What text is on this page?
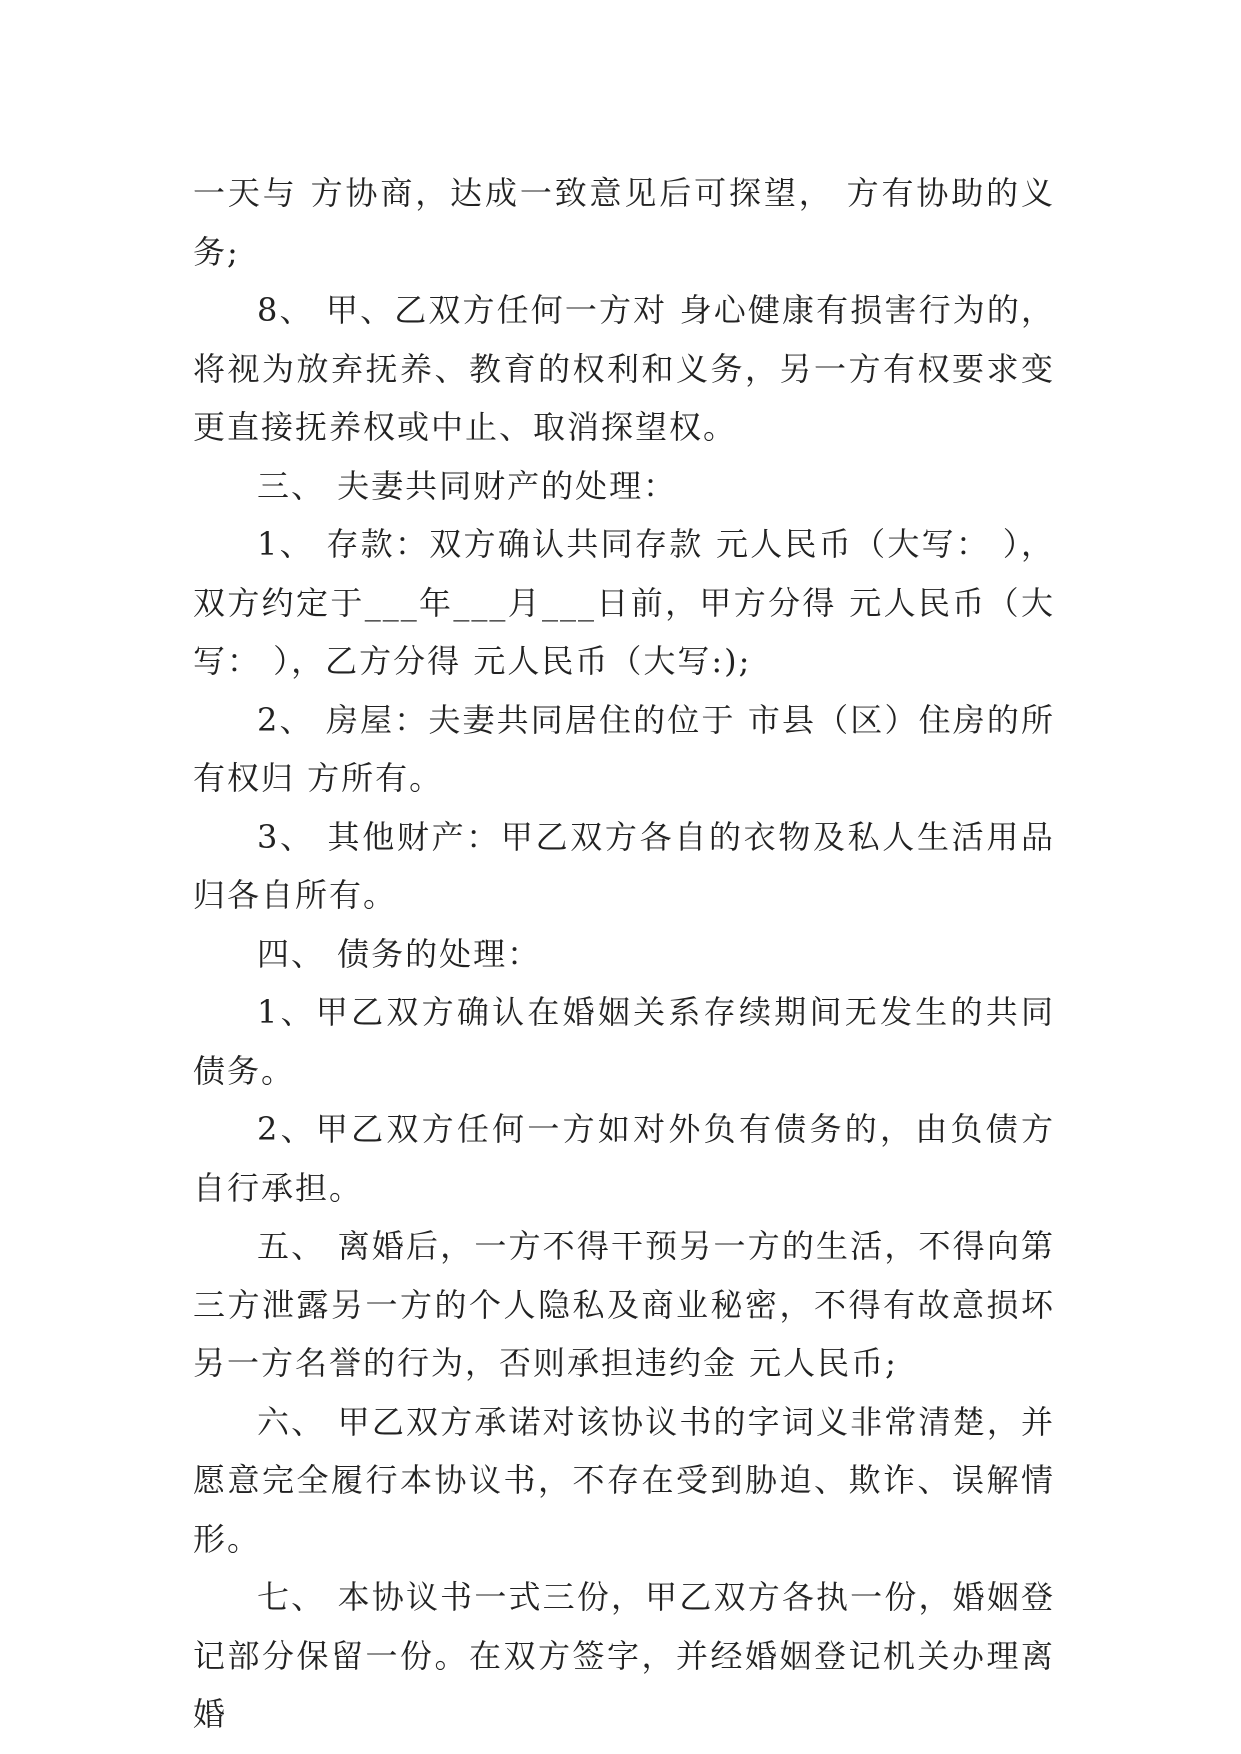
一天与 方协商，达成一致意见后可探望， 方有协助的义务;

8、 甲、乙双方任何一方对 身心健康有损害行为的，将视为放弃抚养、教育的权利和义务，另一方有权要求变更直接抚养权或中止、取消探望权。

三、 夫妻共同财产的处理：

1、 存款：双方确认共同存款 元人民币（大写： ），双方约定于___年___月___日前，甲方分得 元人民币（大写： ），乙方分得 元人民币（大写:);

2、 房屋：夫妻共同居住的位于 市县（区）住房的所有权归 方所有。

3、 其他财产：甲乙双方各自的衣物及私人生活用品归各自所有。

四、 债务的处理：

1、甲乙双方确认在婚姻关系存续期间无发生的共同债务。

2、甲乙双方任何一方如对外负有债务的，由负债方自行承担。

五、 离婚后，一方不得干预另一方的生活，不得向第三方泄露另一方的个人隐私及商业秘密，不得有故意损坏另一方名誉的行为，否则承担违约金 元人民币;

六、 甲乙双方承诺对该协议书的字词义非常清楚，并愿意完全履行本协议书，不存在受到胁迫、欺诈、误解情形。

七、 本协议书一式三份，甲乙双方各执一份，婚姻登记部分保留一份。在双方签字，并经婚姻登记机关办理离婚
